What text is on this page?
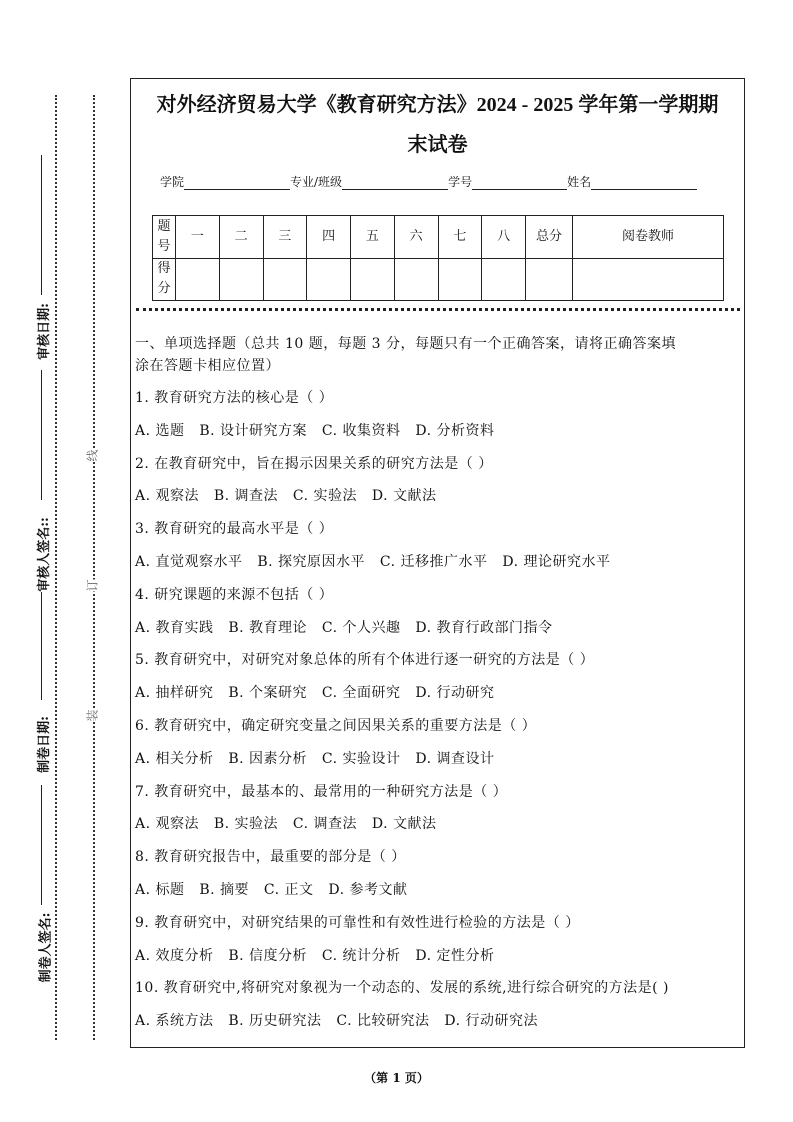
审核日期:
审核人签名::
制卷日期:
制卷人签名:
线
订
装
对外经济贸易大学《教育研究方法》2024 - 2025 学年第一学期期
末试卷
学院	专业/班级	学号	姓名
题号	一	二	三	四	五	六	七	八	总分	阅卷教师
得分										
一、单项选择题（总共 10 题，每题 3 分，每题只有一个正确答案，请将正确答案填
涂在答题卡相应位置）
1. 教育研究方法的核心是（ ）
A. 选题   B. 设计研究方案   C. 收集资料   D. 分析资料
2. 在教育研究中，旨在揭示因果关系的研究方法是（ ）
A. 观察法   B. 调查法   C. 实验法   D. 文献法
3. 教育研究的最高水平是（ ）
A. 直觉观察水平   B. 探究原因水平   C. 迁移推广水平   D. 理论研究水平
4. 研究课题的来源不包括（ ）
A. 教育实践   B. 教育理论   C. 个人兴趣   D. 教育行政部门指令
5. 教育研究中，对研究对象总体的所有个体进行逐一研究的方法是（ ）
A. 抽样研究   B. 个案研究   C. 全面研究   D. 行动研究
6. 教育研究中，确定研究变量之间因果关系的重要方法是（ ）
A. 相关分析   B. 因素分析   C. 实验设计   D. 调查设计
7. 教育研究中，最基本的、最常用的一种研究方法是（ ）
A. 观察法   B. 实验法   C. 调查法   D. 文献法
8. 教育研究报告中，最重要的部分是（ ）
A. 标题   B. 摘要   C. 正文   D. 参考文献
9. 教育研究中，对研究结果的可靠性和有效性进行检验的方法是（ ）
A. 效度分析   B. 信度分析   C. 统计分析   D. 定性分析
10. 教育研究中,将研究对象视为一个动态的、发展的系统,进行综合研究的方法是( )
A. 系统方法   B. 历史研究法   C. 比较研究法   D. 行动研究法
（第 1 页）
